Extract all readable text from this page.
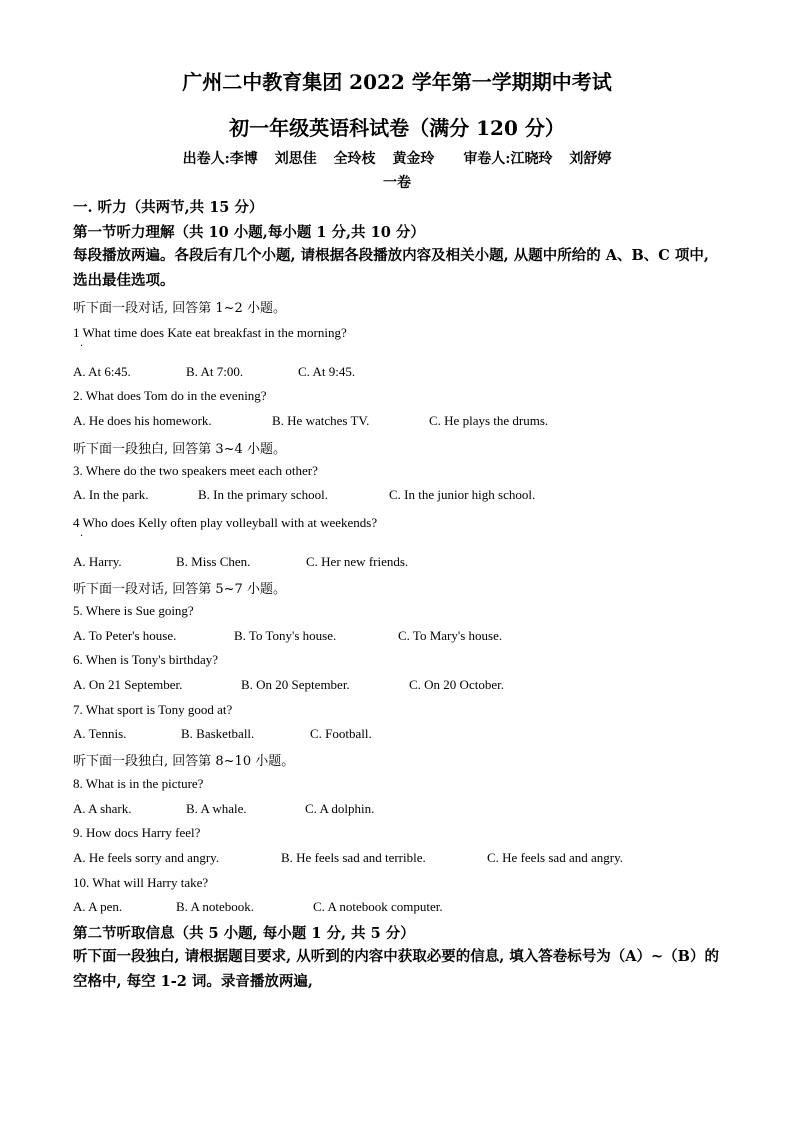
广州二中教育集团 2022 学年第一学期期中考试
初一年级英语科试卷（满分 120 分）
出卷人:李博 刘思佳 全玲枝 黄金玲 审卷人:江晓玲 刘舒婷
一卷
一. 听力（共两节,共 15 分）
第一节听力理解（共 10 小题,每小题 1 分,共 10 分）
每段播放两遍。各段后有几个小题, 请根据各段播放内容及相关小题, 从题中所给的 A、B、C 项中, 选出最佳选项。
听下面一段对话, 回答第 1~2 小题。
1 What time does Kate eat breakfast in the morning?
·
A. At 6:45.	B. At 7:00.	C. At 9:45.
2. What does Tom do in the evening?
A. He does his homework.	B. He watches TV.	C. He plays the drums.
听下面一段独白, 回答第 3~4 小题。
3. Where do the two speakers meet each other?
A. In the park.	B. In the primary school.	C. In the junior high school.
4 Who does Kelly often play volleyball with at weekends?
·
A. Harry.	B. Miss Chen.	C. Her new friends.
听下面一段对话, 回答第 5~7 小题。
5. Where is Sue going?
A. To Peter's house.	B. To Tony's house.	C. To Mary's house.
6. When is Tony's birthday?
A. On 21 September.	B. On 20 September.	C. On 20 October.
7. What sport is Tony good at?
A. Tennis.	B. Basketball.	C. Football.
听下面一段独白, 回答第 8~10 小题。
8. What is in the picture?
A. A shark.	B. A whale.	C. A dolphin.
9. How docs Harry feel?
A. He feels sorry and angry.	B. He feels sad and terrible.	C. He feels sad and angry.
10. What will Harry take?
A. A pen.	B. A notebook.	C. A notebook computer.
第二节听取信息（共 5 小题, 每小题 1 分, 共 5 分）
听下面一段独白, 请根据题目要求, 从听到的内容中获取必要的信息, 填入答卷标号为（A）~（B）的空格中, 每空 1-2 词。录音播放两遍,
